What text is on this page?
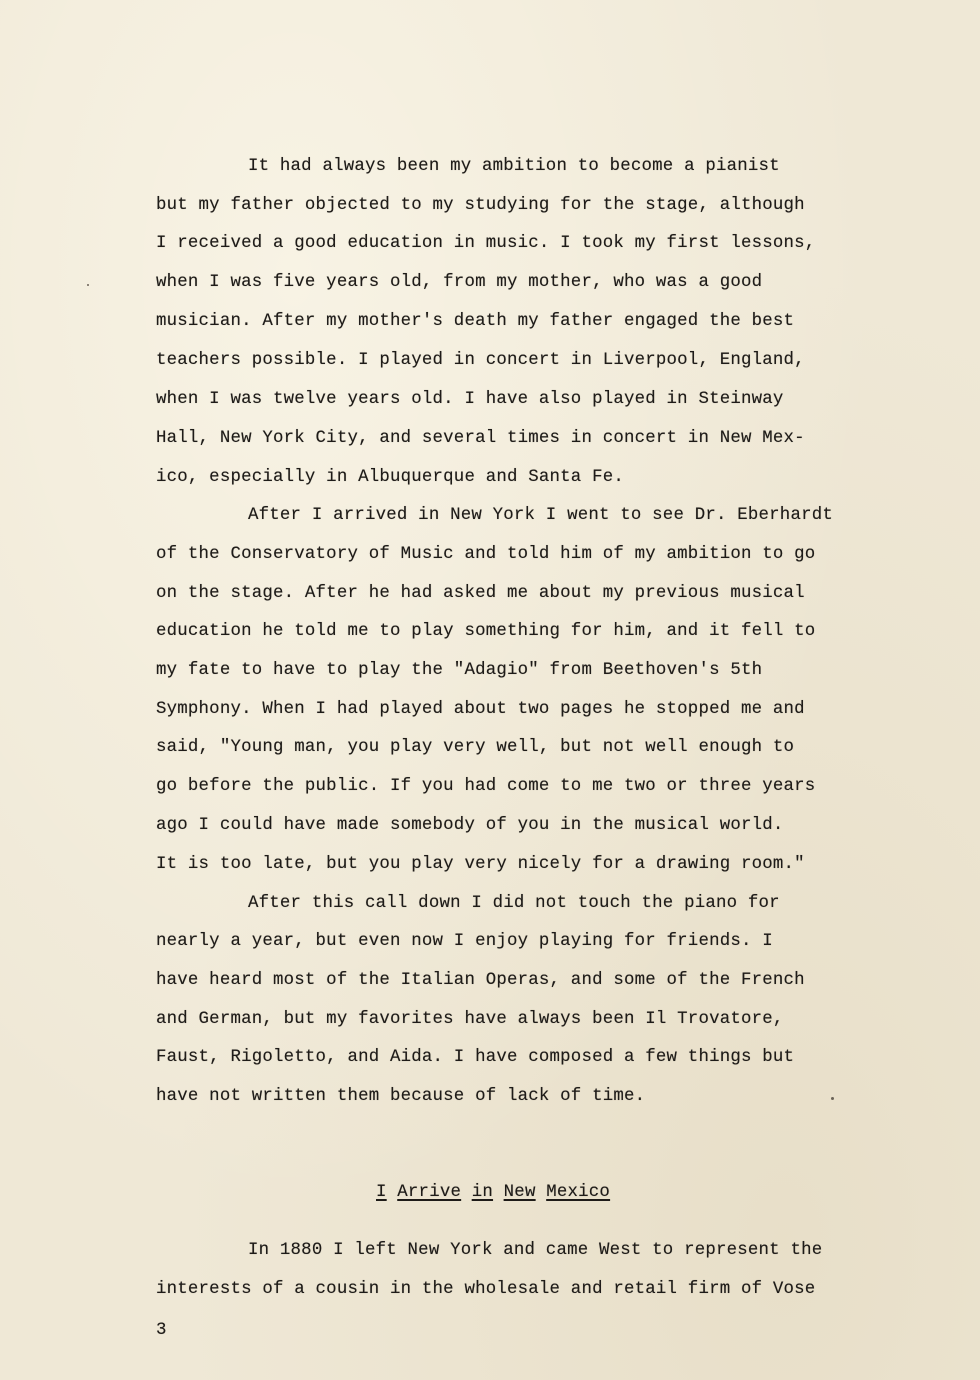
It had always been my ambition to become a pianist
but my father objected to my studying for the stage, although
I received a good education in music. I took my first lessons,
when I was five years old, from my mother, who was a good
musician. After my mother's death my father engaged the best
teachers possible. I played in concert in Liverpool, England,
when I was twelve years old. I have also played in Steinway
Hall, New York City, and several times in concert in New Mex-
ico, especially in Albuquerque and Santa Fe.
After I arrived in New York I went to see Dr. Eberhardt
of the Conservatory of Music and told him of my ambition to go
on the stage. After he had asked me about my previous musical
education he told me to play something for him, and it fell to
my fate to have to play the "Adagio" from Beethoven's 5th
Symphony. When I had played about two pages he stopped me and
said, "Young man, you play very well, but not well enough to
go before the public. If you had come to me two or three years
ago I could have made somebody of you in the musical world.
It is too late, but you play very nicely for a drawing room."
After this call down I did not touch the piano for
nearly a year, but even now I enjoy playing for friends. I
have heard most of the Italian Operas, and some of the French
and German, but my favorites have always been Il Trovatore,
Faust, Rigoletto, and Aida. I have composed a few things but
have not written them because of lack of time.
I Arrive in New Mexico
In 1880 I left New York and came West to represent the
interests of a cousin in the wholesale and retail firm of Vose
3
